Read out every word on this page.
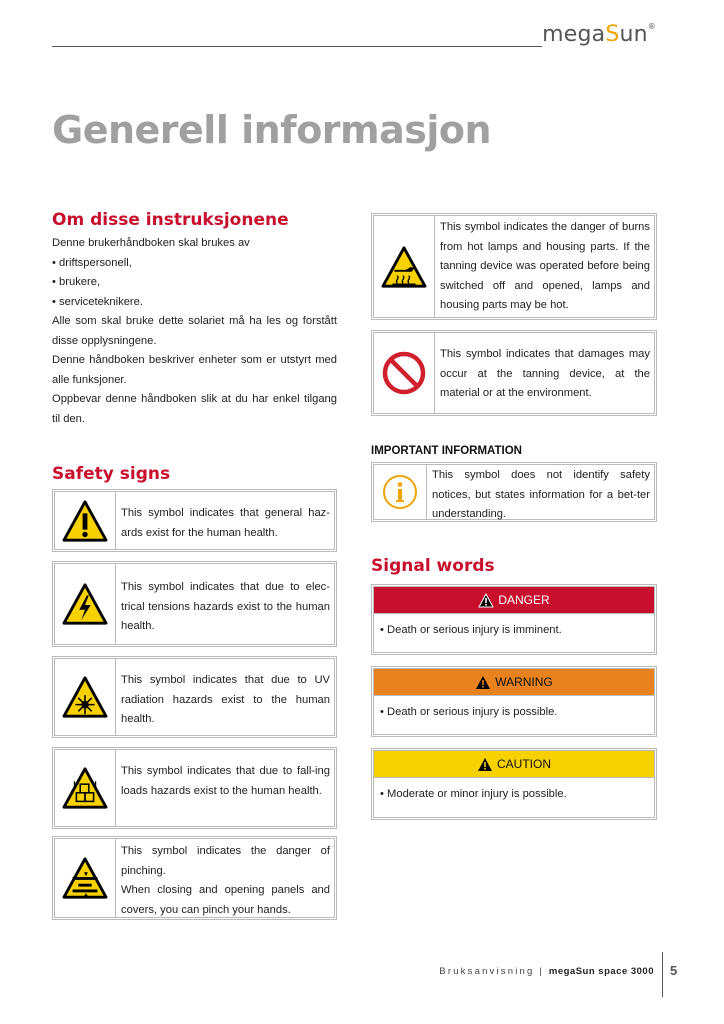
megaSun®
Generell informasjon
Om disse instruksjonene

Denne brukerhåndboken skal brukes av

• driftspersonell,

• brukere,

• serviceteknikere.

Alle som skal bruke dette solariet må ha les og forstått disse opplysningene.

Denne håndboken beskriver enheter som er utstyrt med alle funksjoner.

Oppbevar denne håndboken slik at du har enkel tilgang til den.

Safety signs
This symbol indicates that general haz-ards exist for the human health.
This symbol indicates that due to elec-trical tensions hazards exist to the human health.
This symbol indicates that due to UV radiation hazards exist to the human health.
This symbol indicates that due to fall-ing loads hazards exist to the human health.

This symbol indicates the danger of pinching.

When closing and opening panels and covers, you can pinch your hands.

This symbol indicates the danger of burns from hot lamps and housing parts. If the tanning device was operated before being switched off and opened, lamps and housing parts may be hot.
This symbol indicates that damages may occur at the tanning device, at the material or at the environment.
IMPORTANT INFORMATION
This symbol does not identify safety notices, but states information for a bet-ter understanding.
Signal words
DANGER
• Death or serious injury is imminent.
WARNING
• Death or serious injury is possible.
CAUTION
• Moderate or minor injury is possible.
Bruksanvisning | megaSun space 3000 5
